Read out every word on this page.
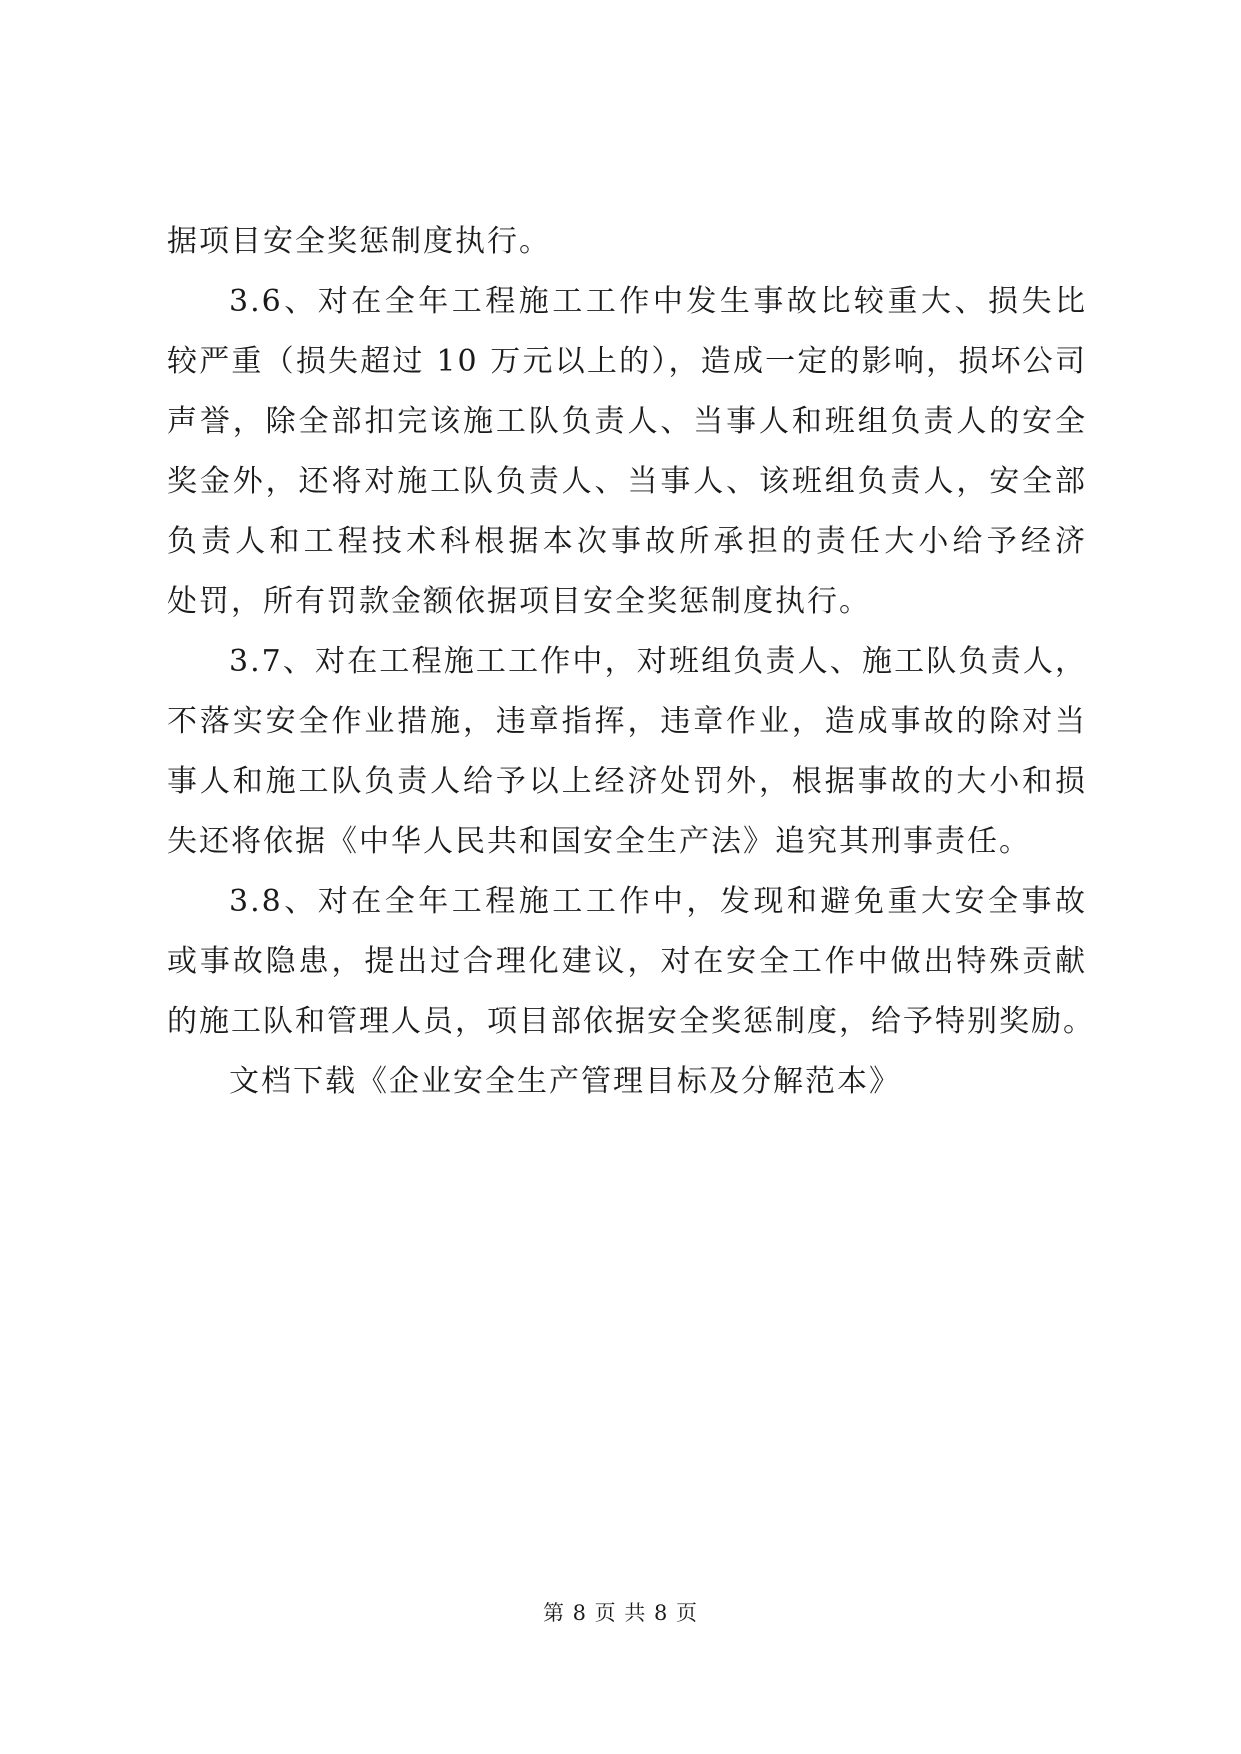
据项目安全奖惩制度执行。
3.6、对在全年工程施工工作中发生事故比较重大、损失比
较严重（损失超过 10 万元以上的），造成一定的影响，损坏公司
声誉，除全部扣完该施工队负责人、当事人和班组负责人的安全
奖金外，还将对施工队负责人、当事人、该班组负责人，安全部
负责人和工程技术科根据本次事故所承担的责任大小给予经济
处罚，所有罚款金额依据项目安全奖惩制度执行。
3.7、对在工程施工工作中，对班组负责人、施工队负责人，
不落实安全作业措施，违章指挥，违章作业，造成事故的除对当
事人和施工队负责人给予以上经济处罚外，根据事故的大小和损
失还将依据《中华人民共和国安全生产法》追究其刑事责任。
3.8、对在全年工程施工工作中，发现和避免重大安全事故
或事故隐患，提出过合理化建议，对在安全工作中做出特殊贡献
的施工队和管理人员，项目部依据安全奖惩制度，给予特别奖励。
文档下载《企业安全生产管理目标及分解范本》
第 8 页 共 8 页
